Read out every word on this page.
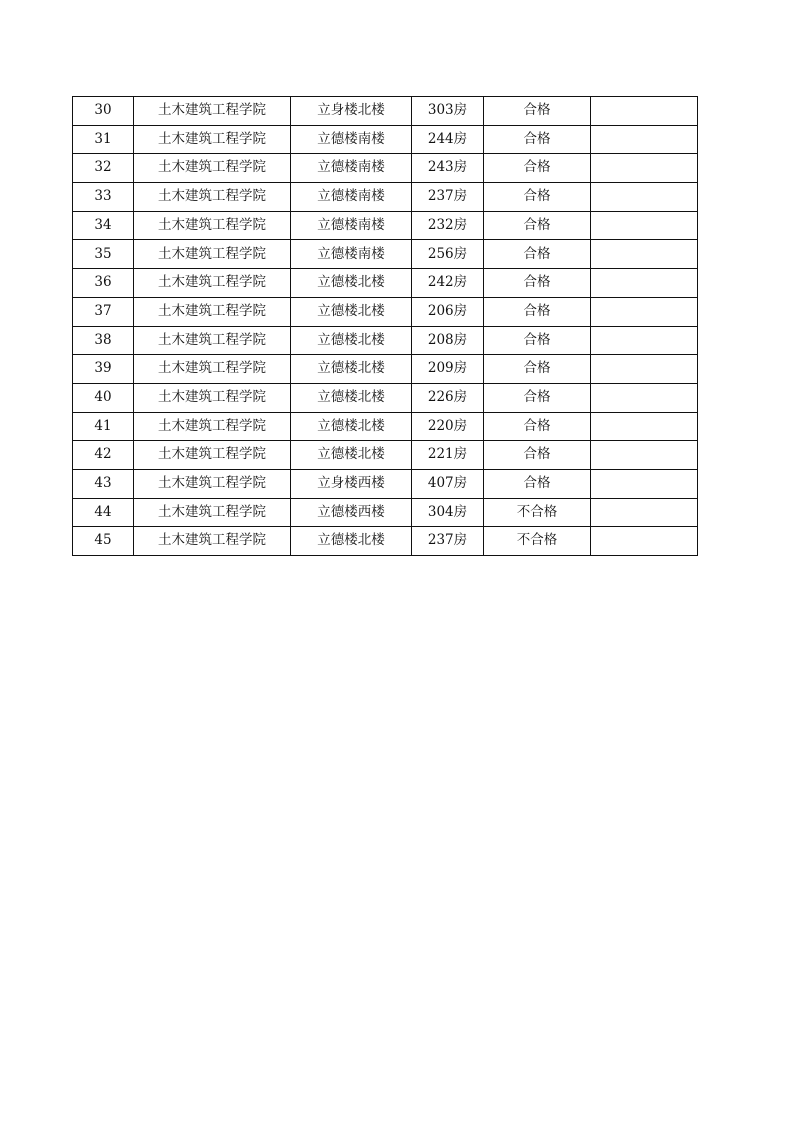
30	土木建筑工程学院	立身楼北楼	303房	合格	
31	土木建筑工程学院	立德楼南楼	244房	合格	
32	土木建筑工程学院	立德楼南楼	243房	合格	
33	土木建筑工程学院	立德楼南楼	237房	合格	
34	土木建筑工程学院	立德楼南楼	232房	合格	
35	土木建筑工程学院	立德楼南楼	256房	合格	
36	土木建筑工程学院	立德楼北楼	242房	合格	
37	土木建筑工程学院	立德楼北楼	206房	合格	
38	土木建筑工程学院	立德楼北楼	208房	合格	
39	土木建筑工程学院	立德楼北楼	209房	合格	
40	土木建筑工程学院	立德楼北楼	226房	合格	
41	土木建筑工程学院	立德楼北楼	220房	合格	
42	土木建筑工程学院	立德楼北楼	221房	合格	
43	土木建筑工程学院	立身楼西楼	407房	合格	
44	土木建筑工程学院	立德楼西楼	304房	不合格	
45	土木建筑工程学院	立德楼北楼	237房	不合格	
